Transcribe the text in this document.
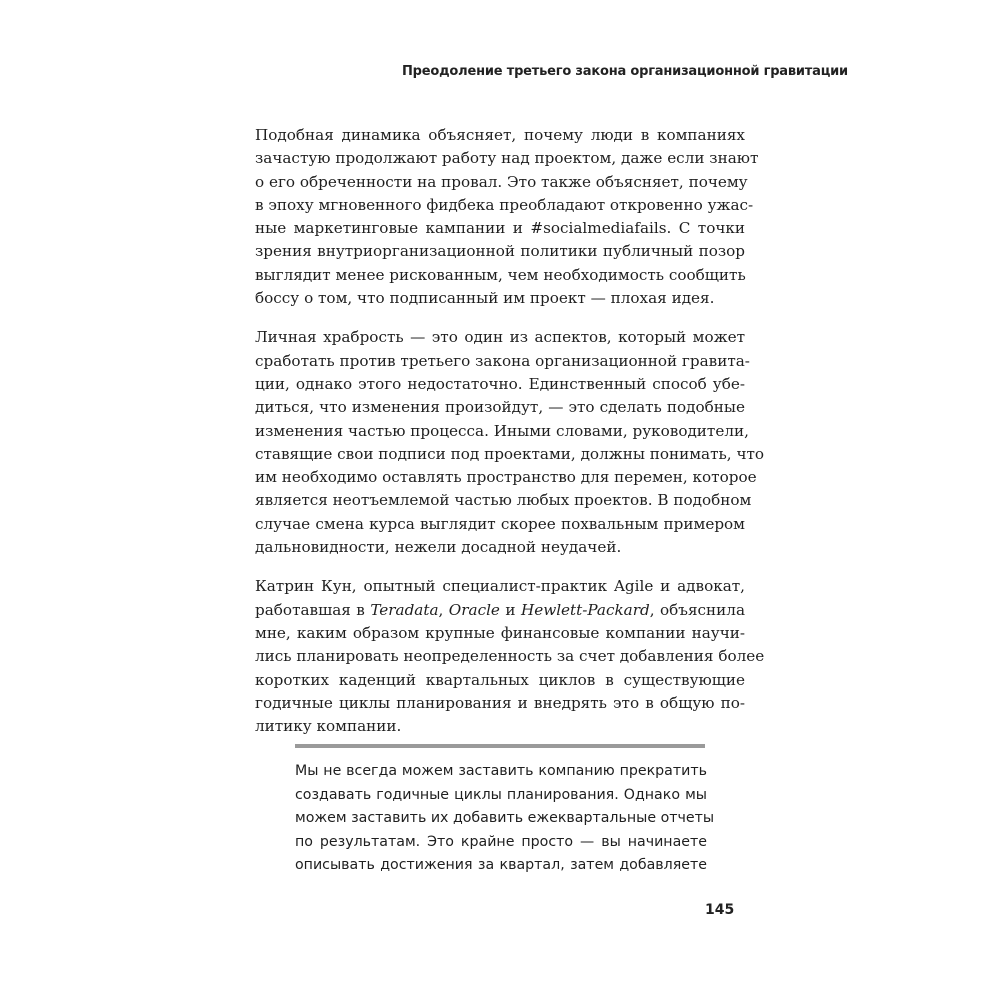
Преодоление третьего закона организационной гравитации

Подобная динамика объясняет, почему люди в компаниях
зачастую продолжают работу над проектом, даже если знают
о его обреченности на провал. Это также объясняет, почему
в эпоху мгновенного фидбека преобладают откровенно ужас-
ные маркетинговые кампании и #socialmediafails. С точки
зрения внутриорганизационной политики публичный позор
выглядит менее рискованным, чем необходимость сообщить
боссу о том, что подписанный им проект — плохая идея.

Личная храбрость — это один из аспектов, который может
сработать против третьего закона организационной гравита-
ции, однако этого недостаточно. Единственный способ убе-
диться, что изменения произойдут, — это сделать подобные
изменения частью процесса. Иными словами, руководители,
ставящие свои подписи под проектами, должны понимать, что
им необходимо оставлять пространство для перемен, которое
является неотъемлемой частью любых проектов. В подобном
случае смена курса выглядит скорее похвальным примером
дальновидности, нежели досадной неудачей.

Катрин Кун, опытный специалист-практик Agile и адвокат,
работавшая в Teradata, Oracle и Hewlett-Packard, объяснила
мне, каким образом крупные финансовые компании научи-
лись планировать неопределенность за счет добавления более
коротких каденций квартальных циклов в существующие
годичные циклы планирования и внедрять это в общую по-
литику компании.

Мы не всегда можем заставить компанию прекратить
создавать годичные циклы планирования. Однако мы
можем заставить их добавить ежеквартальные отчеты
по результатам. Это крайне просто — вы начинаете
описывать достижения за квартал, затем добавляете
145
